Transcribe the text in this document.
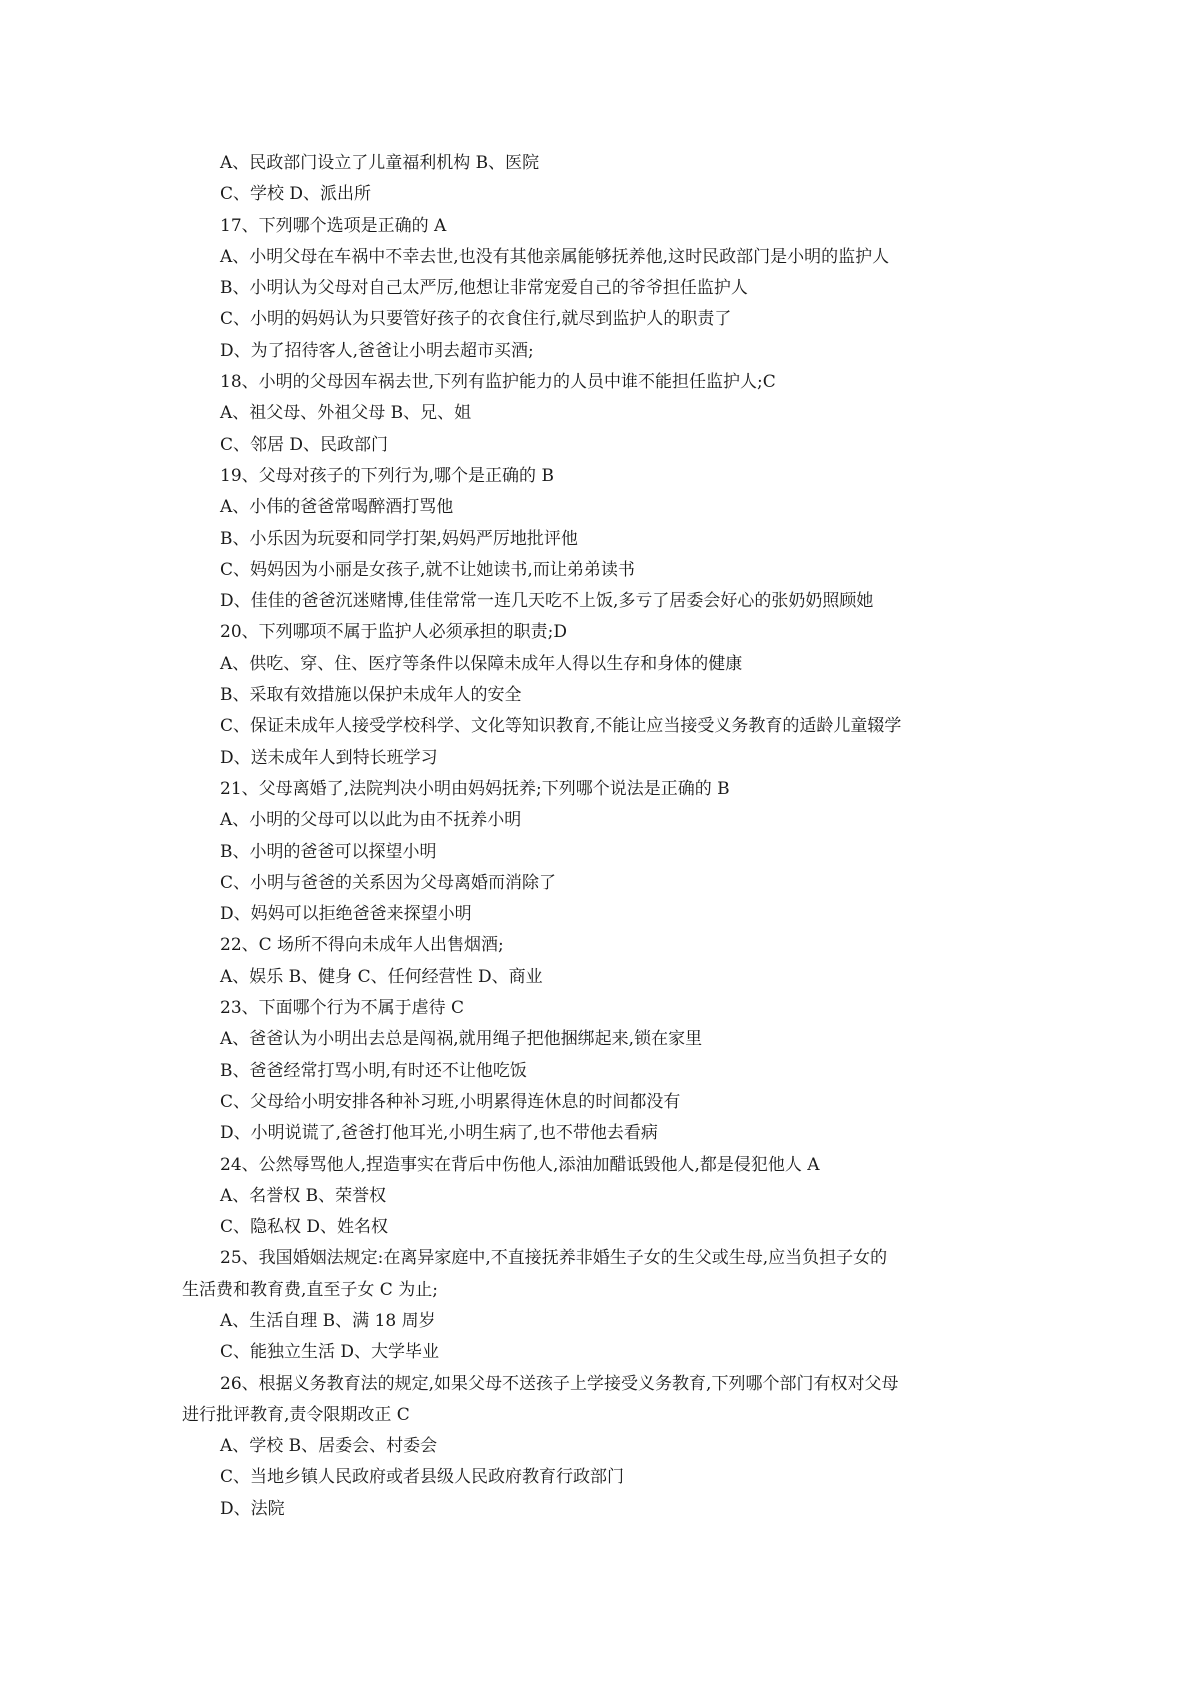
A、民政部门设立了儿童福利机构 B、医院
C、学校 D、派出所
17、下列哪个选项是正确的 A
A、小明父母在车祸中不幸去世,也没有其他亲属能够抚养他,这时民政部门是小明的监护人
B、小明认为父母对自己太严厉,他想让非常宠爱自己的爷爷担任监护人
C、小明的妈妈认为只要管好孩子的衣食住行,就尽到监护人的职责了
D、为了招待客人,爸爸让小明去超市买酒;
18、小明的父母因车祸去世,下列有监护能力的人员中谁不能担任监护人;C
A、祖父母、外祖父母 B、兄、姐
C、邻居 D、民政部门
19、父母对孩子的下列行为,哪个是正确的 B
A、小伟的爸爸常喝醉酒打骂他
B、小乐因为玩耍和同学打架,妈妈严厉地批评他
C、妈妈因为小丽是女孩子,就不让她读书,而让弟弟读书
D、佳佳的爸爸沉迷赌博,佳佳常常一连几天吃不上饭,多亏了居委会好心的张奶奶照顾她
20、下列哪项不属于监护人必须承担的职责;D
A、供吃、穿、住、医疗等条件以保障未成年人得以生存和身体的健康
B、采取有效措施以保护未成年人的安全
C、保证未成年人接受学校科学、文化等知识教育,不能让应当接受义务教育的适龄儿童辍学
D、送未成年人到特长班学习
21、父母离婚了,法院判决小明由妈妈抚养;下列哪个说法是正确的 B
A、小明的父母可以以此为由不抚养小明
B、小明的爸爸可以探望小明
C、小明与爸爸的关系因为父母离婚而消除了
D、妈妈可以拒绝爸爸来探望小明
22、C 场所不得向未成年人出售烟酒;
A、娱乐 B、健身 C、任何经营性 D、商业
23、下面哪个行为不属于虐待 C
A、爸爸认为小明出去总是闯祸,就用绳子把他捆绑起来,锁在家里
B、爸爸经常打骂小明,有时还不让他吃饭
C、父母给小明安排各种补习班,小明累得连休息的时间都没有
D、小明说谎了,爸爸打他耳光,小明生病了,也不带他去看病
24、公然辱骂他人,捏造事实在背后中伤他人,添油加醋诋毁他人,都是侵犯他人 A
A、名誉权 B、荣誉权
C、隐私权 D、姓名权
25、我国婚姻法规定:在离异家庭中,不直接抚养非婚生子女的生父或生母,应当负担子女的
生活费和教育费,直至子女 C 为止;
A、生活自理 B、满 18 周岁
C、能独立生活 D、大学毕业
26、根据义务教育法的规定,如果父母不送孩子上学接受义务教育,下列哪个部门有权对父母
进行批评教育,责令限期改正 C
A、学校 B、居委会、村委会
C、当地乡镇人民政府或者县级人民政府教育行政部门
D、法院
